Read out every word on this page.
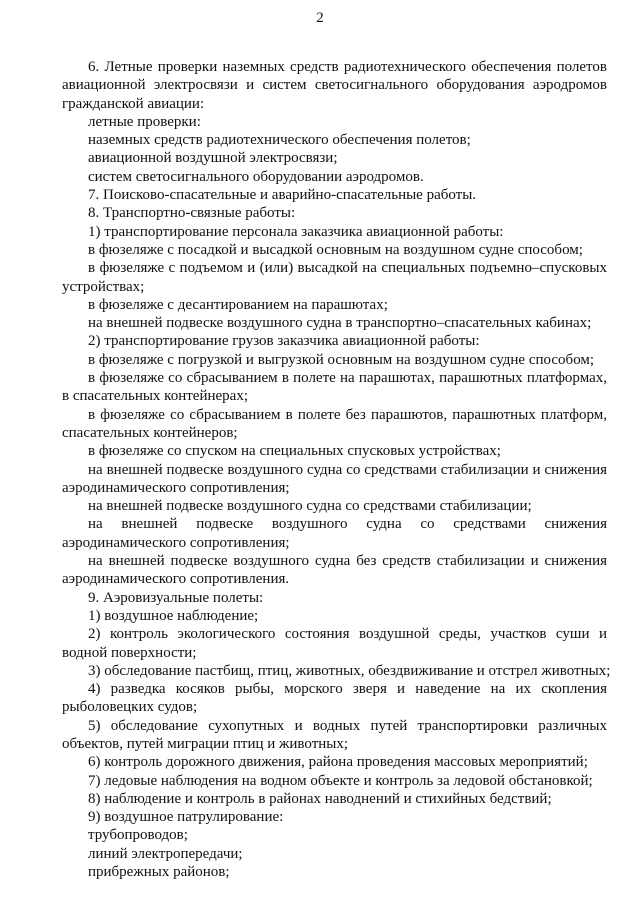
2
6. Летные проверки наземных средств радиотехнического обеспечения полетов
авиационной электросвязи и систем светосигнального оборудования аэродромов
гражданской авиации:
летные проверки:
наземных средств радиотехнического обеспечения полетов;
авиационной воздушной электросвязи;
систем светосигнального оборудовании аэродромов.
7. Поисково-спасательные и аварийно-спасательные работы.
8. Транспортно-связные работы:
1) транспортирование персонала заказчика авиационной работы:
в фюзеляже с посадкой и высадкой основным на воздушном судне способом;
в фюзеляже с подъемом и (или) высадкой на специальных подъемно–спусковых
устройствах;
в фюзеляже с десантированием на парашютах;
на внешней подвеске воздушного судна в транспортно–спасательных кабинах;
2) транспортирование грузов заказчика авиационной работы:
в фюзеляже с погрузкой и выгрузкой основным на воздушном судне способом;
в фюзеляже со сбрасыванием в полете на парашютах, парашютных платформах,
в спасательных контейнерах;
в фюзеляже со сбрасыванием в полете без парашютов, парашютных платформ,
спасательных контейнеров;
в фюзеляже со спуском на специальных спусковых устройствах;
на внешней подвеске воздушного судна со средствами стабилизации и снижения
аэродинамического сопротивления;
на внешней подвеске воздушного судна со средствами стабилизации;
на внешней подвеске воздушного судна со средствами снижения
аэродинамического сопротивления;
на внешней подвеске воздушного судна без средств стабилизации и снижения
аэродинамического сопротивления.
9. Аэровизуальные полеты:
1) воздушное наблюдение;
2) контроль экологического состояния воздушной среды, участков суши и
водной поверхности;
3) обследование пастбищ, птиц, животных, обездвиживание и отстрел животных;
4) разведка косяков рыбы, морского зверя и наведение на их скопления
рыболовецких судов;
5) обследование сухопутных и водных путей транспортировки различных
объектов, путей миграции птиц и животных;
6) контроль дорожного движения, района проведения массовых мероприятий;
7) ледовые наблюдения на водном объекте и контроль за ледовой обстановкой;
8) наблюдение и контроль в районах наводнений и стихийных бедствий;
9) воздушное патрулирование:
трубопроводов;
линий электропередачи;
прибрежных районов;
